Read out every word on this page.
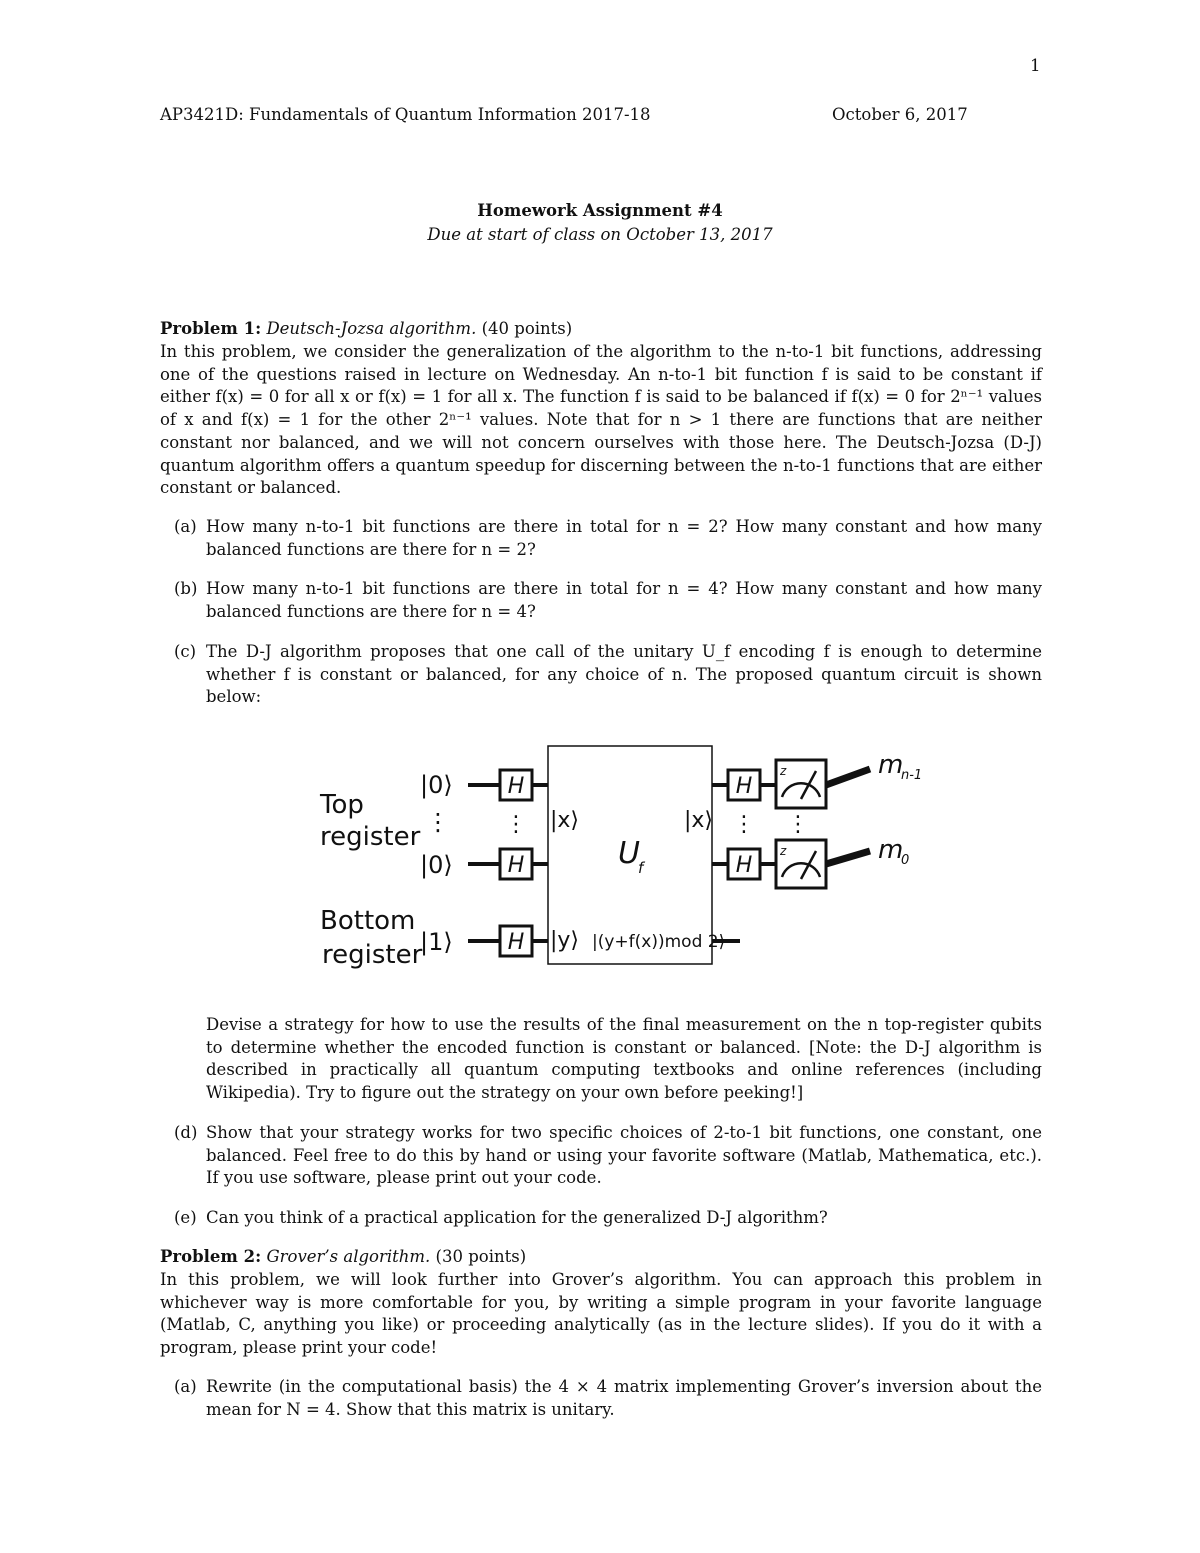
1
AP3421D: Fundamentals of Quantum Information 2017-18	October 6, 2017
Homework Assignment #4
Due at start of class on October 13, 2017
Problem 1: Deutsch-Jozsa algorithm. (40 points)
In this problem, we consider the generalization of the algorithm to the n-to-1 bit functions, addressing one of the questions raised in lecture on Wednesday. An n-to-1 bit function f is said to be constant if either f(x) = 0 for all x or f(x) = 1 for all x. The function f is said to be balanced if f(x) = 0 for 2ⁿ⁻¹ values of x and f(x) = 1 for the other 2ⁿ⁻¹ values. Note that for n > 1 there are functions that are neither constant nor balanced, and we will not concern ourselves with those here. The Deutsch-Jozsa (D-J) quantum algorithm offers a quantum speedup for discerning between the n-to-1 functions that are either constant or balanced.
(a) How many n-to-1 bit functions are there in total for n = 2? How many constant and how many balanced functions are there for n = 2?
(b) How many n-to-1 bit functions are there in total for n = 4? How many constant and how many balanced functions are there for n = 4?
(c) The D-J algorithm proposes that one call of the unitary U_f encoding f is enough to determine whether f is constant or balanced, for any choice of n. The proposed quantum circuit is shown below:
Top
register
Bottom
register
|0⟩
⋮
|0⟩
|1⟩
H
H
H
H
H
⋮	⋮ ⋮
|x⟩	|x⟩
|y⟩ |(y+f(x))mod 2⟩
U
f
z
z
m
n-1
m
0
Devise a strategy for how to use the results of the final measurement on the n top-register qubits to determine whether the encoded function is constant or balanced. [Note: the D-J algorithm is described in practically all quantum computing textbooks and online references (including Wikipedia). Try to figure out the strategy on your own before peeking!]
(d) Show that your strategy works for two specific choices of 2-to-1 bit functions, one constant, one balanced. Feel free to do this by hand or using your favorite software (Matlab, Mathematica, etc.). If you use software, please print out your code.
(e) Can you think of a practical application for the generalized D-J algorithm?
Problem 2: Grover’s algorithm. (30 points)
In this problem, we will look further into Grover’s algorithm. You can approach this problem in whichever way is more comfortable for you, by writing a simple program in your favorite language (Matlab, C, anything you like) or proceeding analytically (as in the lecture slides). If you do it with a program, please print your code!
(a) Rewrite (in the computational basis) the 4 × 4 matrix implementing Grover’s inversion about the mean for N = 4. Show that this matrix is unitary.
